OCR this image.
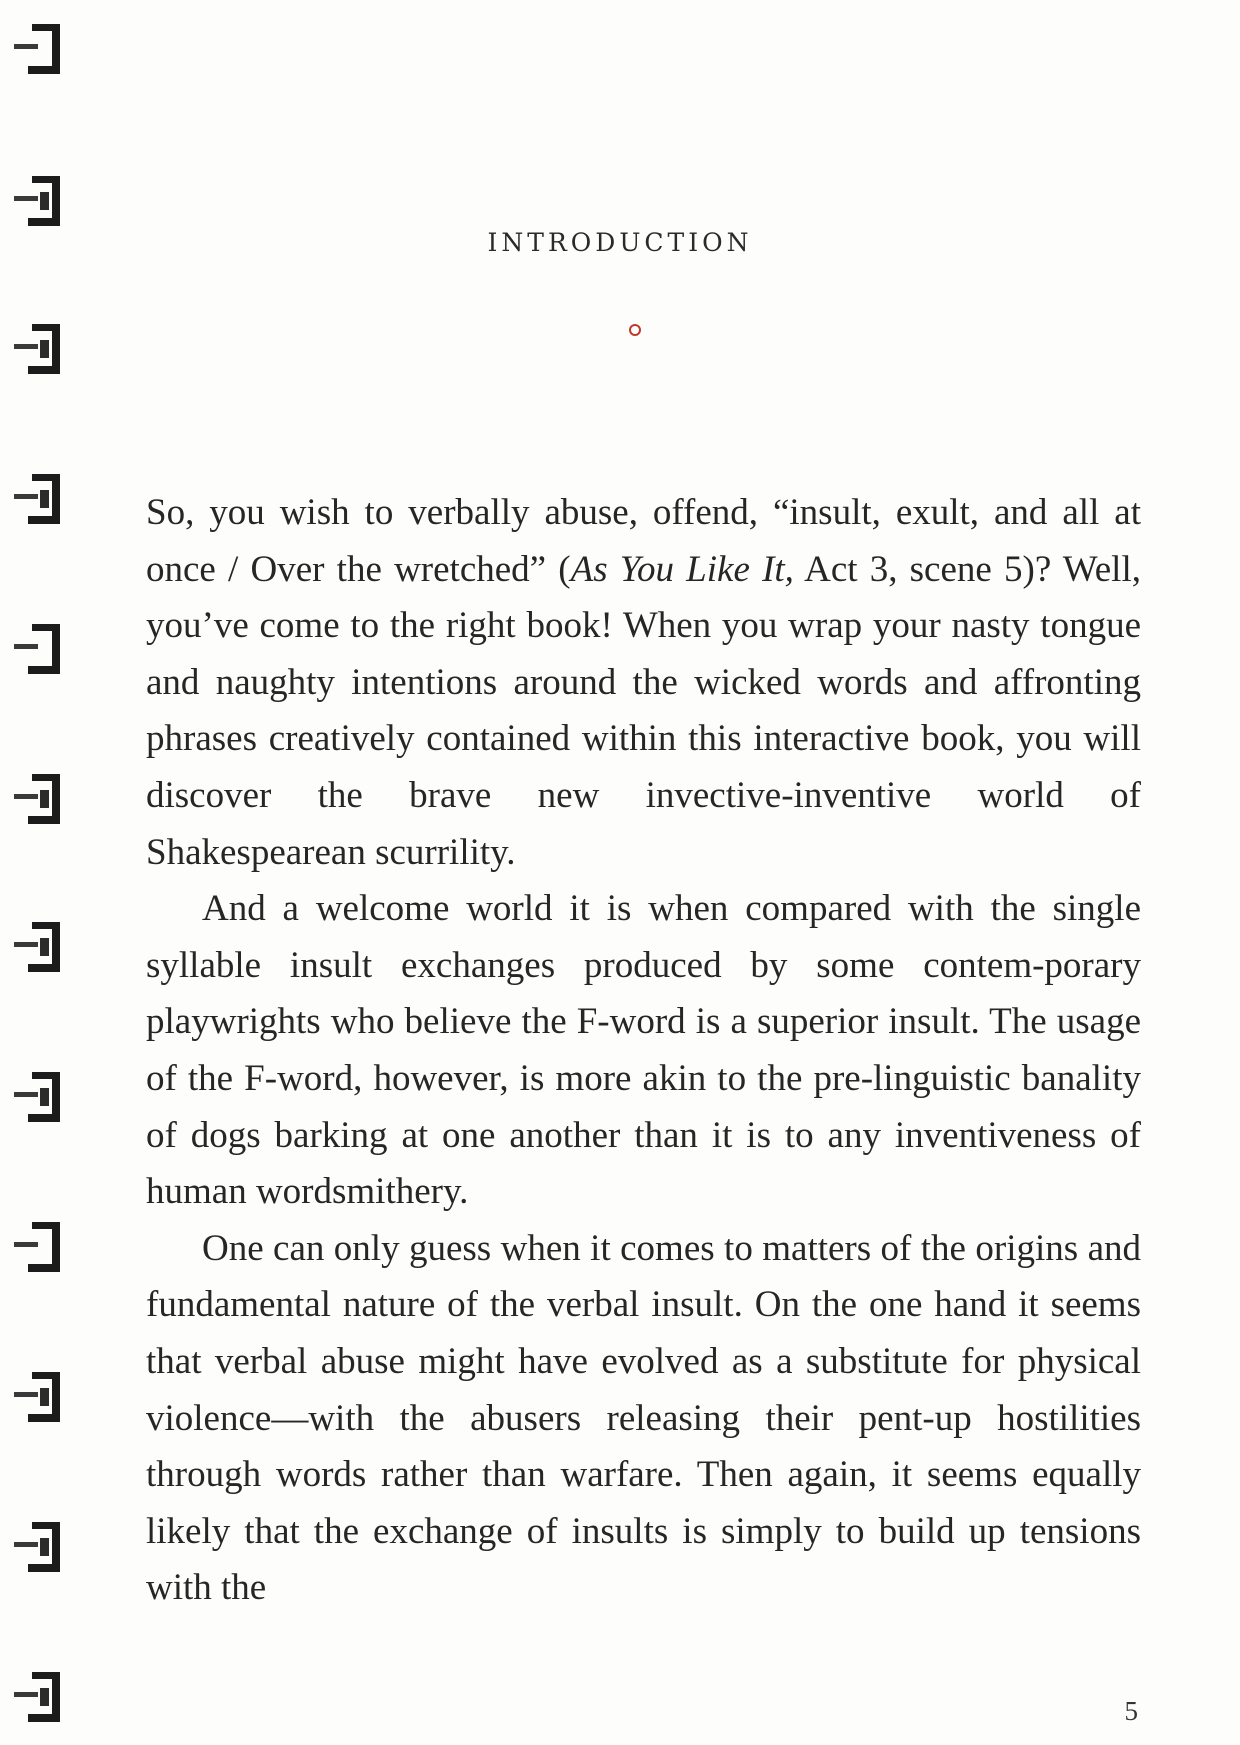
INTRODUCTION

So, you wish to verbally abuse, offend, “insult, exult, and all at once / Over the wretched” (As You Like It, Act 3, scene 5)? Well, you’ve come to the right book! When you wrap your nasty tongue and naughty intentions around the wicked words and affronting phrases creatively contained within this interactive book, you will discover the brave new invective-inventive world of Shakespearean scurrility.

And a welcome world it is when compared with the single syllable insult exchanges produced by some contem-porary playwrights who believe the F-word is a superior insult. The usage of the F-word, however, is more akin to the pre-linguistic banality of dogs barking at one another than it is to any inventiveness of human wordsmithery.

One can only guess when it comes to matters of the origins and fundamental nature of the verbal insult. On the one hand it seems that verbal abuse might have evolved as a substitute for physical violence—with the abusers releasing their pent-up hostilities through words rather than warfare. Then again, it seems equally likely that the exchange of insults is simply to build up tensions with the

5
